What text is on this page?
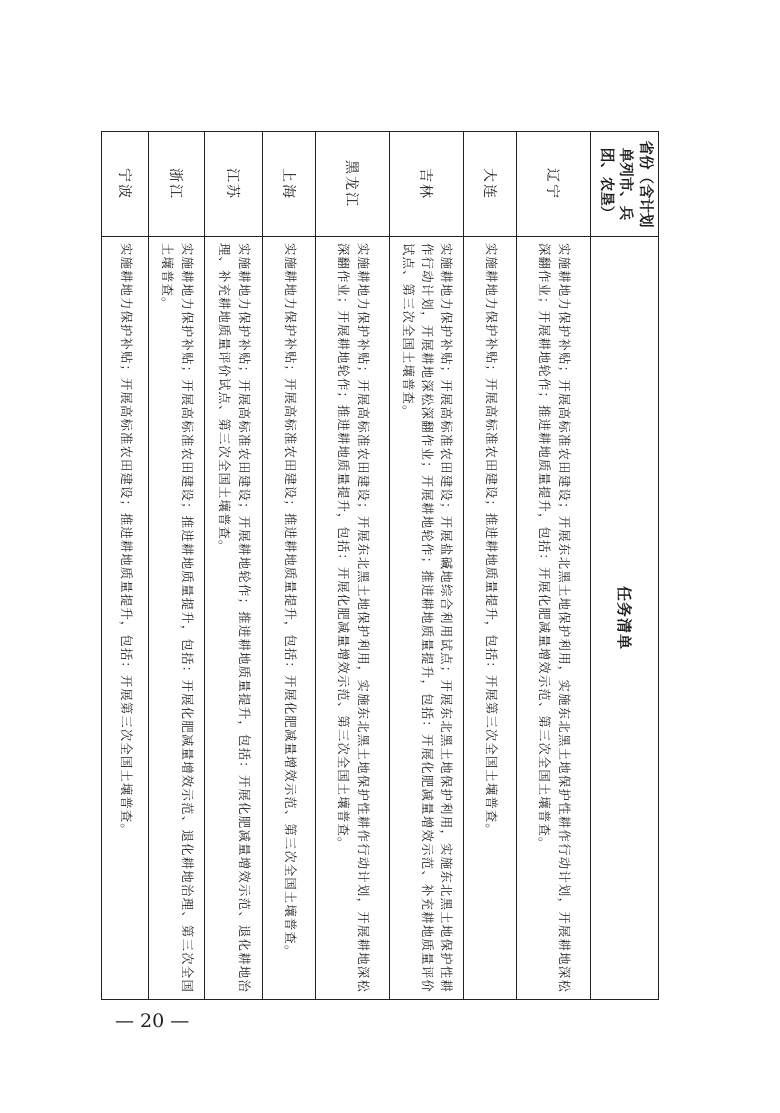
省份（含计划单列市、兵团、农垦）	任务清单
辽宁	实施耕地力保护补贴；开展高标准农田建设；开展东北黑土地保护利用，实施东北黑土地保护性耕作行动计划，开展耕地深松深翻作业；开展耕地轮作；推进耕地质量提升，包括：开展化肥减量增效示范、第三次全国土壤普查。
大连	实施耕地力保护补贴；开展高标准农田建设；推进耕地质量提升，包括：开展第三次全国土壤普查。
吉林	实施耕地力保护补贴；开展高标准农田建设；开展盐碱地综合利用试点；开展东北黑土地保护利用，实施东北黑土地保护性耕作行动计划，开展耕地深松深翻作业；开展耕地轮作；推进耕地质量提升，包括：开展化肥减量增效示范、补充耕地质量评价试点、第三次全国土壤普查。
黑龙江	实施耕地力保护补贴；开展高标准农田建设；开展东北黑土地保护利用，实施东北黑土地保护性耕作行动计划，开展耕地深松深翻作业；开展耕地轮作；推进耕地质量提升，包括：开展化肥减量增效示范、第三次全国土壤普查。
上海	实施耕地力保护补贴；开展高标准农田建设；推进耕地质量提升，包括：开展化肥减量增效示范、第三次全国土壤普查。
江苏	实施耕地力保护补贴；开展高标准农田建设；开展耕地轮作；推进耕地质量提升，包括：开展化肥减量增效示范、退化耕地治理、补充耕地质量评价试点、第三次全国土壤普查。
浙江	实施耕地力保护补贴；开展高标准农田建设；推进耕地质量提升，包括：开展化肥减量增效示范、退化耕地治理、第三次全国土壤普查。
宁波	实施耕地力保护补贴；开展高标准农田建设；推进耕地质量提升，包括：开展第三次全国土壤普查。
— 20 —
